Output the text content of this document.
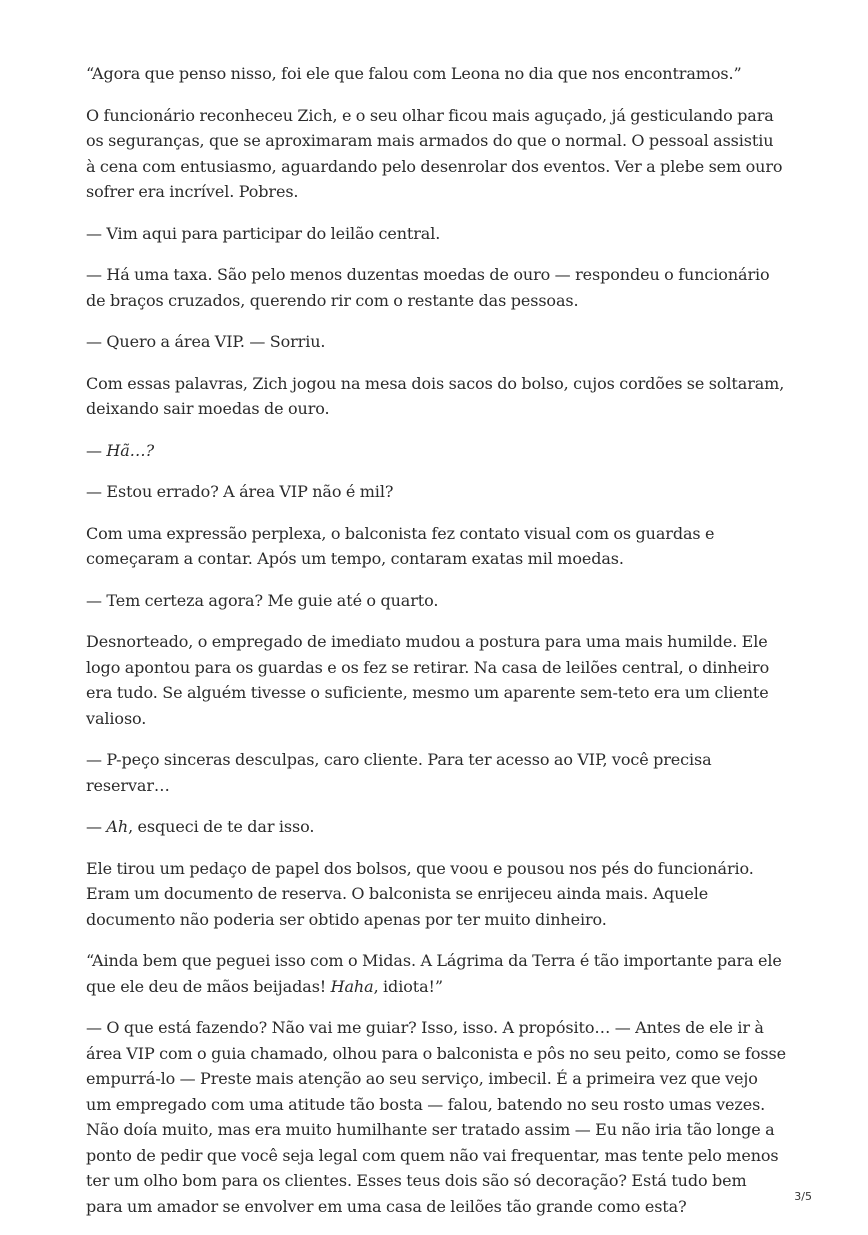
“Agora que penso nisso, foi ele que falou com Leona no dia que nos encontramos.”

O funcionário reconheceu Zich, e o seu olhar ficou mais aguçado, já gesticulando para os seguranças, que se aproximaram mais armados do que o normal. O pessoal assistiu à cena com entusiasmo, aguardando pelo desenrolar dos eventos. Ver a plebe sem ouro sofrer era incrível. Pobres.

— Vim aqui para participar do leilão central.

— Há uma taxa. São pelo menos duzentas moedas de ouro — respondeu o funcionário de braços cruzados, querendo rir com o restante das pessoas.

— Quero a área VIP. — Sorriu.

Com essas palavras, Zich jogou na mesa dois sacos do bolso, cujos cordões se soltaram, deixando sair moedas de ouro.

— Hã…?

— Estou errado? A área VIP não é mil?

Com uma expressão perplexa, o balconista fez contato visual com os guardas e começaram a contar. Após um tempo, contaram exatas mil moedas.

— Tem certeza agora? Me guie até o quarto.

Desnorteado, o empregado de imediato mudou a postura para uma mais humilde. Ele logo apontou para os guardas e os fez se retirar. Na casa de leilões central, o dinheiro era tudo. Se alguém tivesse o suficiente, mesmo um aparente sem-teto era um cliente valioso.

— P-peço sinceras desculpas, caro cliente. Para ter acesso ao VIP, você precisa reservar…

— Ah, esqueci de te dar isso.

Ele tirou um pedaço de papel dos bolsos, que voou e pousou nos pés do funcionário. Eram um documento de reserva. O balconista se enrijeceu ainda mais. Aquele documento não poderia ser obtido apenas por ter muito dinheiro.

“Ainda bem que peguei isso com o Midas. A Lágrima da Terra é tão importante para ele que ele deu de mãos beijadas! Haha, idiota!”

— O que está fazendo? Não vai me guiar? Isso, isso. A propósito… — Antes de ele ir à área VIP com o guia chamado, olhou para o balconista e pôs no seu peito, como se fosse empurrá-lo — Preste mais atenção ao seu serviço, imbecil. É a primeira vez que vejo um empregado com uma atitude tão bosta — falou, batendo no seu rosto umas vezes. Não doía muito, mas era muito humilhante ser tratado assim — Eu não iria tão longe a ponto de pedir que você seja legal com quem não vai frequentar, mas tente pelo menos ter um olho bom para os clientes. Esses teus dois são só decoração? Está tudo bem para um amador se envolver em uma casa de leilões tão grande como esta?	3/5
